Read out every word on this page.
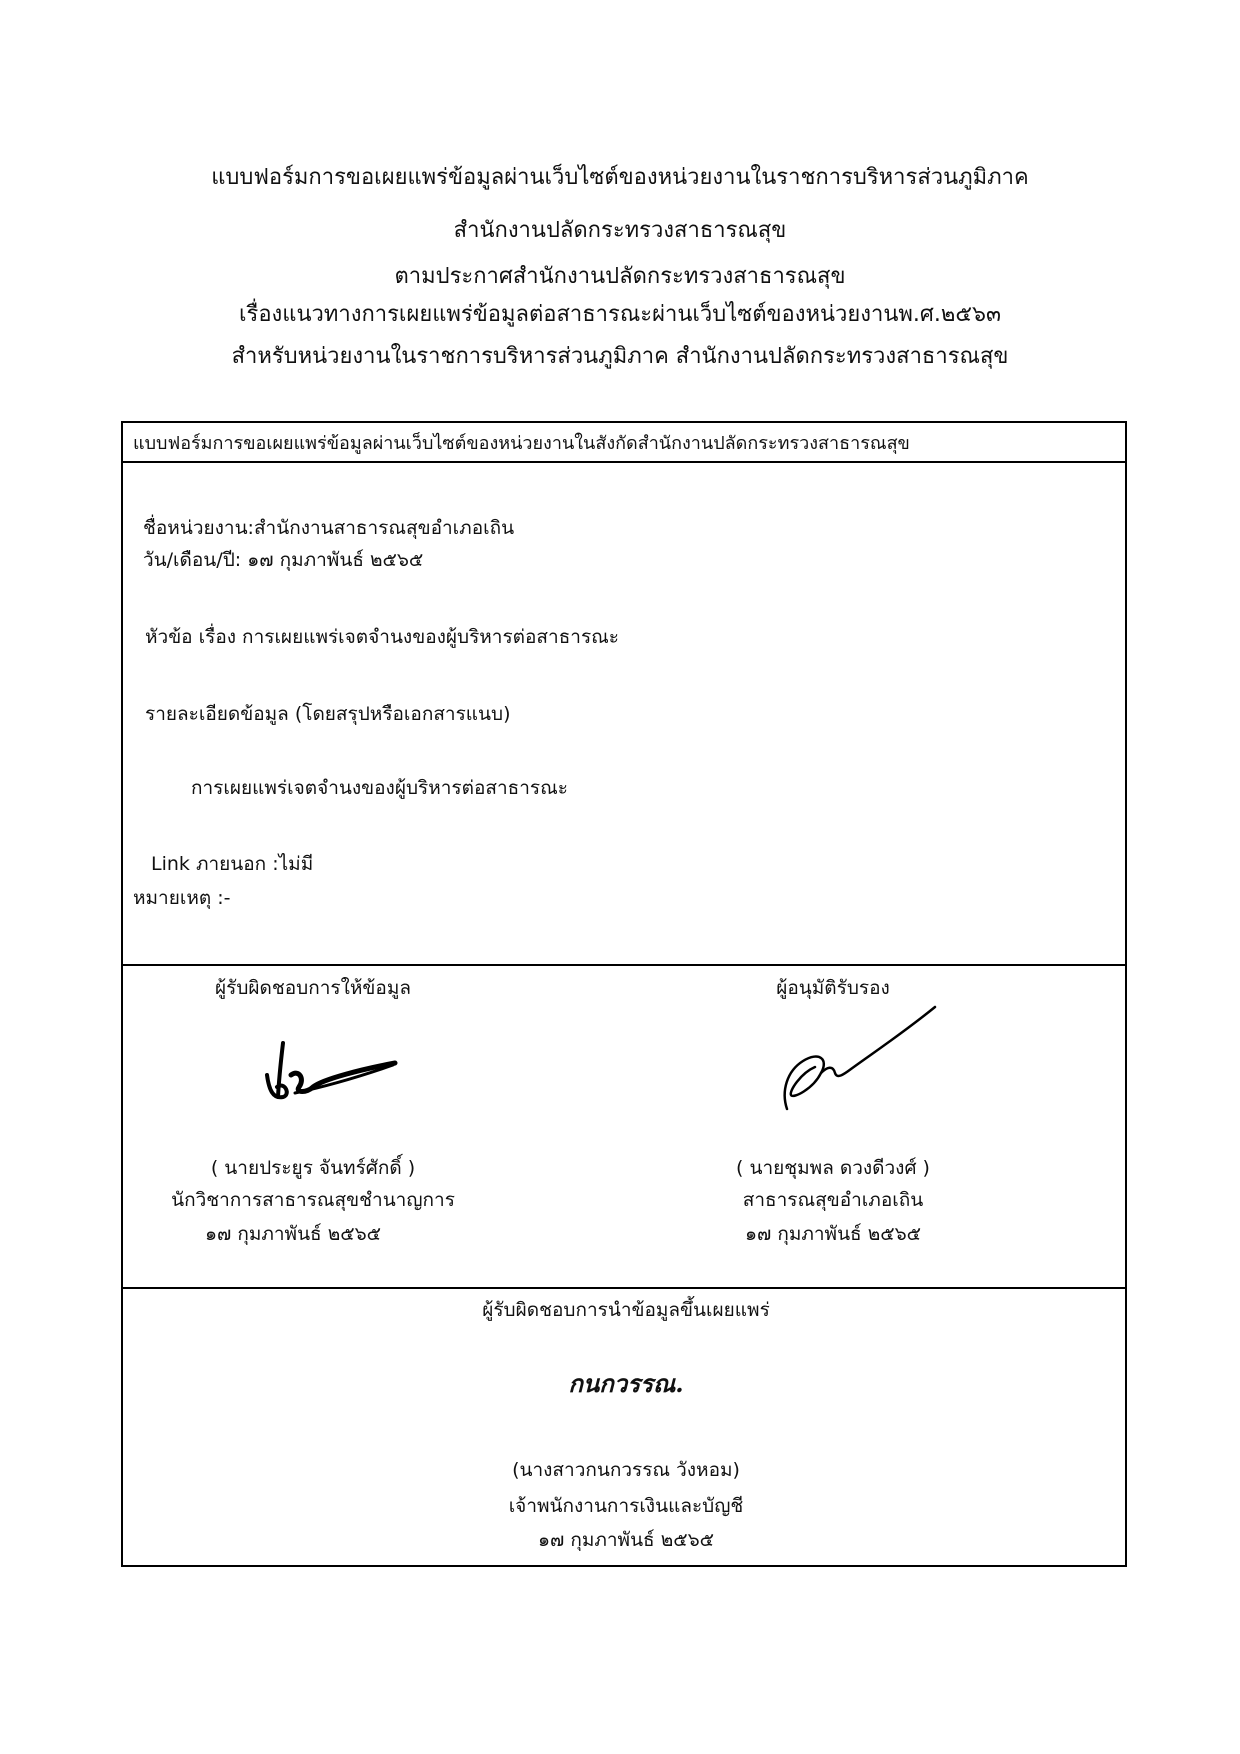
แบบฟอร์มการขอเผยแพร่ข้อมูลผ่านเว็บไซต์ของหน่วยงานในราชการบริหารส่วนภูมิภาค
สำนักงานปลัดกระทรวงสาธารณสุข
ตามประกาศสำนักงานปลัดกระทรวงสาธารณสุข
เรื่องแนวทางการเผยแพร่ข้อมูลต่อสาธารณะผ่านเว็บไซต์ของหน่วยงานพ.ศ.๒๕๖๓
สำหรับหน่วยงานในราชการบริหารส่วนภูมิภาค สำนักงานปลัดกระทรวงสาธารณสุข
แบบฟอร์มการขอเผยแพร่ข้อมูลผ่านเว็บไซต์ของหน่วยงานในสังกัดสำนักงานปลัดกระทรวงสาธารณสุข
ชื่อหน่วยงาน:สำนักงานสาธารณสุขอำเภอเถิน
วัน/เดือน/ปี: ๑๗ กุมภาพันธ์ ๒๕๖๕
หัวข้อ เรื่อง การเผยแพร่เจตจำนงของผู้บริหารต่อสาธารณะ
รายละเอียดข้อมูล (โดยสรุปหรือเอกสารแนบ)
การเผยแพร่เจตจำนงของผู้บริหารต่อสาธารณะ
Link ภายนอก :ไม่มี
หมายเหตุ :-
ผู้รับผิดชอบการให้ข้อมูล
( นายประยูร จันทร์ศักดิ์ )
นักวิชาการสาธารณสุขชำนาญการ
๑๗ กุมภาพันธ์ ๒๕๖๕
ผู้อนุมัติรับรอง
( นายชุมพล ดวงดีวงศ์ )
สาธารณสุขอำเภอเถิน
๑๗ กุมภาพันธ์ ๒๕๖๕
ผู้รับผิดชอบการนำข้อมูลขึ้นเผยแพร่
กนกวรรณ.
(นางสาวกนกวรรณ วังหอม)
เจ้าพนักงานการเงินและบัญชี
๑๗ กุมภาพันธ์ ๒๕๖๕
